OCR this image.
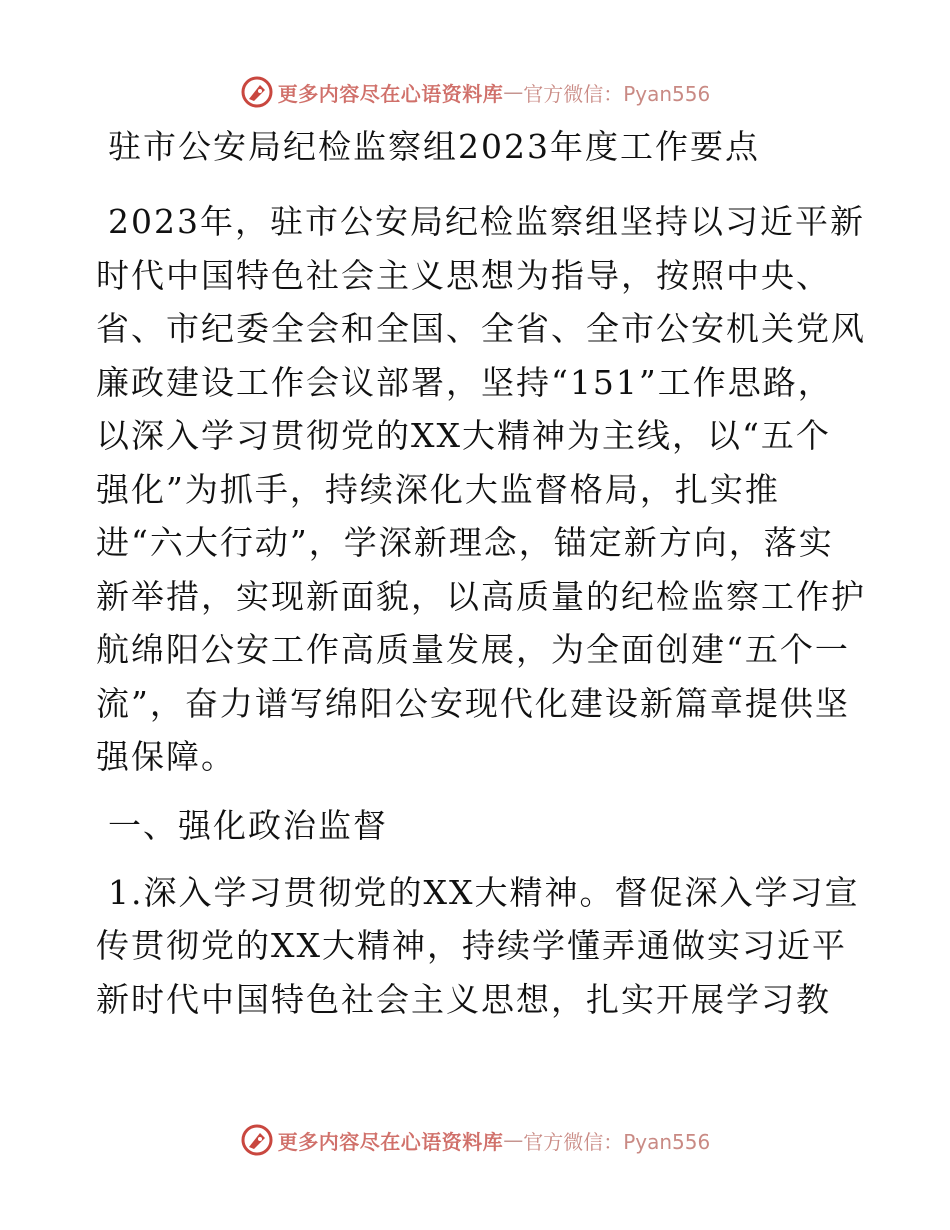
更多内容尽在心语资料库 — 官方微信：Pyan556
驻市公安局纪检监察组2023年度工作要点

2023年，驻市公安局纪检监察组坚持以习近平新
时代中国特色社会主义思想为指导，按照中央、
省、市纪委全会和全国、全省、全市公安机关党风
廉政建设工作会议部署，坚持“151”工作思路，
以深入学习贯彻党的XX大精神为主线，以“五个
强化”为抓手，持续深化大监督格局，扎实推
进“六大行动”，学深新理念，锚定新方向，落实
新举措，实现新面貌，以高质量的纪检监察工作护
航绵阳公安工作高质量发展，为全面创建“五个一
流”，奋力谱写绵阳公安现代化建设新篇章提供坚
强保障。

一、强化政治监督

1.深入学习贯彻党的XX大精神。督促深入学习宣
传贯彻党的XX大精神，持续学懂弄通做实习近平
新时代中国特色社会主义思想，扎实开展学习教

更多内容尽在心语资料库 — 官方微信：Pyan556
